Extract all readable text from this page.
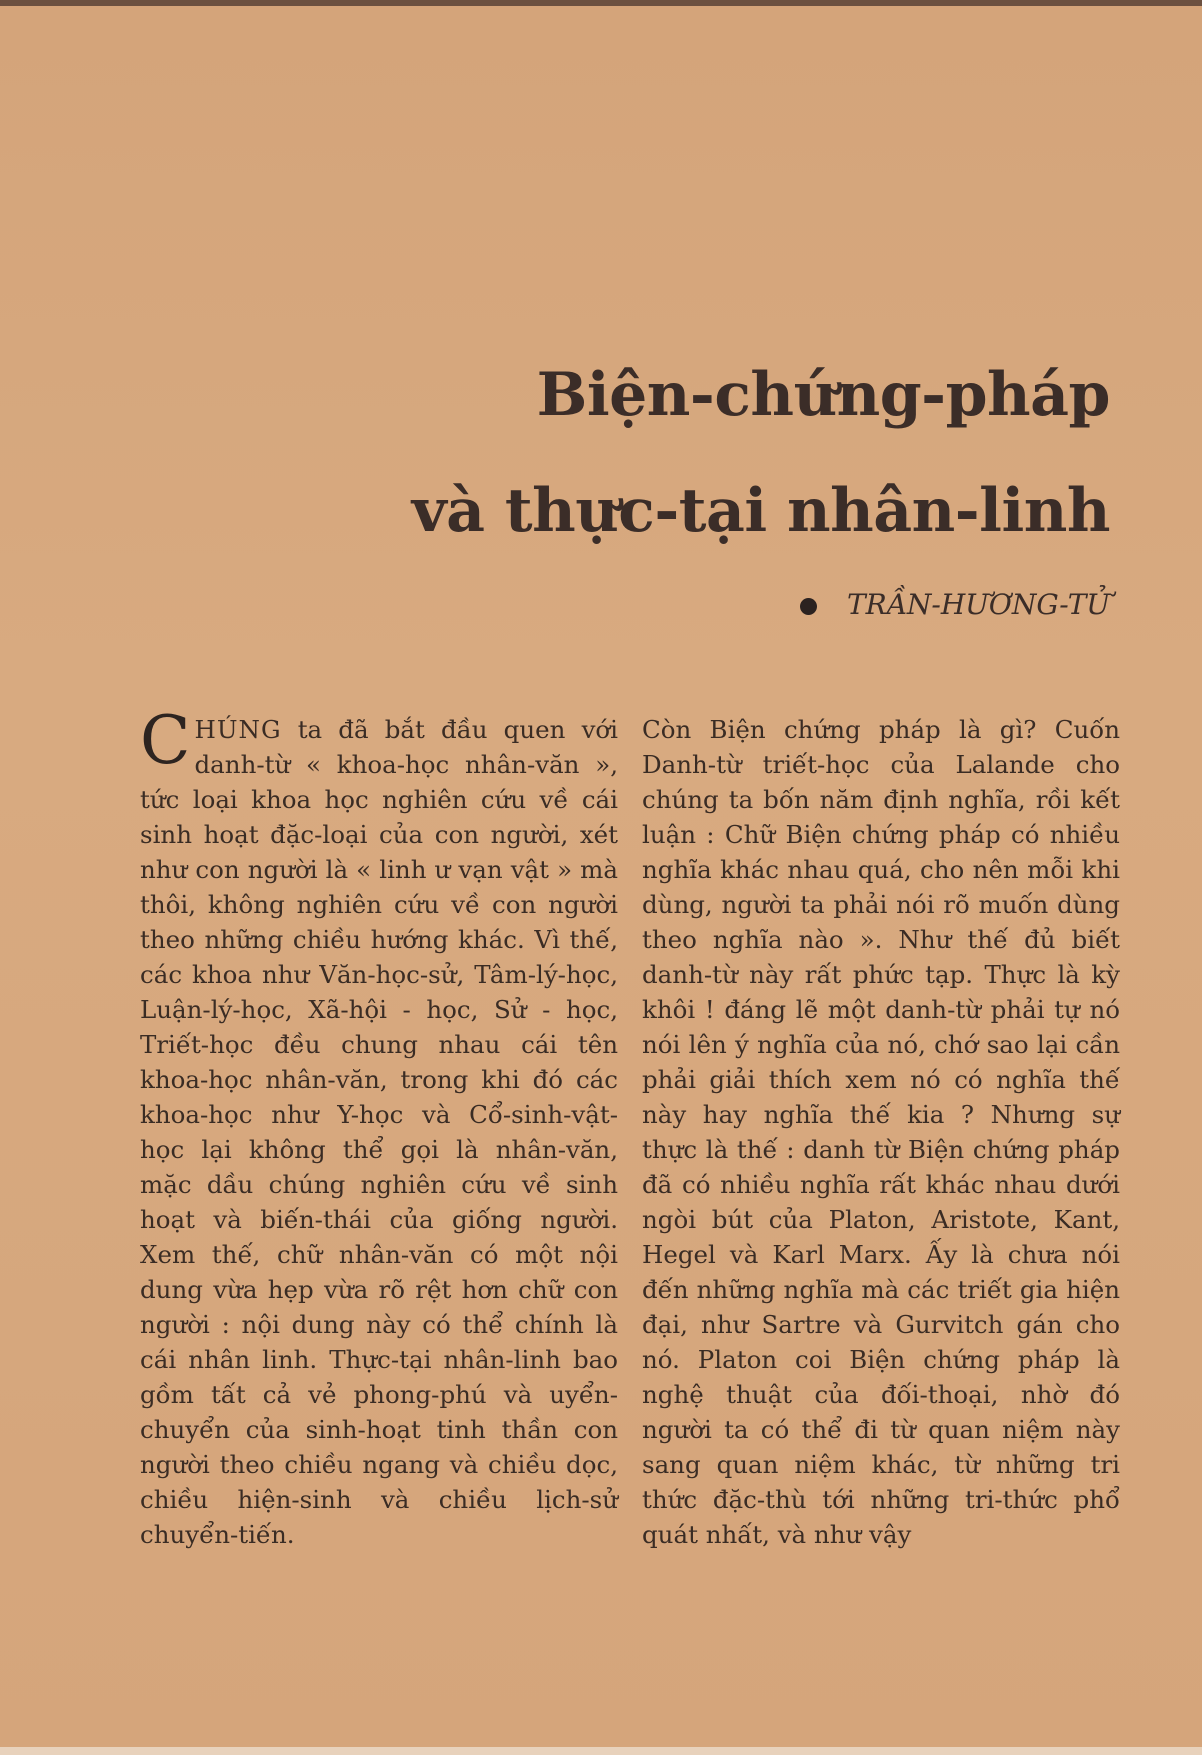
Biện-chứng-pháp
và thực-tại nhân-linh
TRẦN-HƯƠNG-TỬ

CHÚNG ta đã bắt đầu quen với danh-từ « khoa-học nhân-văn », tức loại khoa học nghiên cứu về cái sinh hoạt đặc-loại của con người, xét như con người là « linh ư vạn vật » mà thôi, không nghiên cứu về con người theo những chiều hướng khác. Vì thế, các khoa như Văn-học-sử, Tâm-lý-học, Luận-lý-học, Xã-hội - học, Sử - học, Triết-học đều chung nhau cái tên khoa-học nhân-văn, trong khi đó các khoa-học như Y-học và Cổ-sinh-vật-học lại không thể gọi là nhân-văn, mặc dầu chúng nghiên cứu về sinh hoạt và biến-thái của giống người. Xem thế, chữ nhân-văn có một nội dung vừa hẹp vừa rõ rệt hơn chữ con người : nội dung này có thể chính là cái nhân linh. Thực-tại nhân-linh bao gồm tất cả vẻ phong-phú và uyển-chuyển của sinh-hoạt tinh thần con người theo chiều ngang và chiều dọc, chiều hiện-sinh và chiều lịch-sử chuyển-tiến.

Còn Biện chứng pháp là gì? Cuốn Danh-từ triết-học của Lalande cho chúng ta bốn năm định nghĩa, rồi kết luận : Chữ Biện chứng pháp có nhiều nghĩa khác nhau quá, cho nên mỗi khi dùng, người ta phải nói rõ muốn dùng theo nghĩa nào ». Như thế đủ biết danh-từ này rất phức tạp. Thực là kỳ khôi ! đáng lẽ một danh-từ phải tự nó nói lên ý nghĩa của nó, chớ sao lại cần phải giải thích xem nó có nghĩa thế này hay nghĩa thế kia ? Nhưng sự thực là thế : danh từ Biện chứng pháp đã có nhiều nghĩa rất khác nhau dưới ngòi bút của Platon, Aristote, Kant, Hegel và Karl Marx. Ấy là chưa nói đến những nghĩa mà các triết gia hiện đại, như Sartre và Gurvitch gán cho nó. Platon coi Biện chứng pháp là nghệ thuật của đối-thoại, nhờ đó người ta có thể đi từ quan niệm này sang quan niệm khác, từ những tri thức đặc-thù tới những tri-thức phổ quát nhất, và như vậy
